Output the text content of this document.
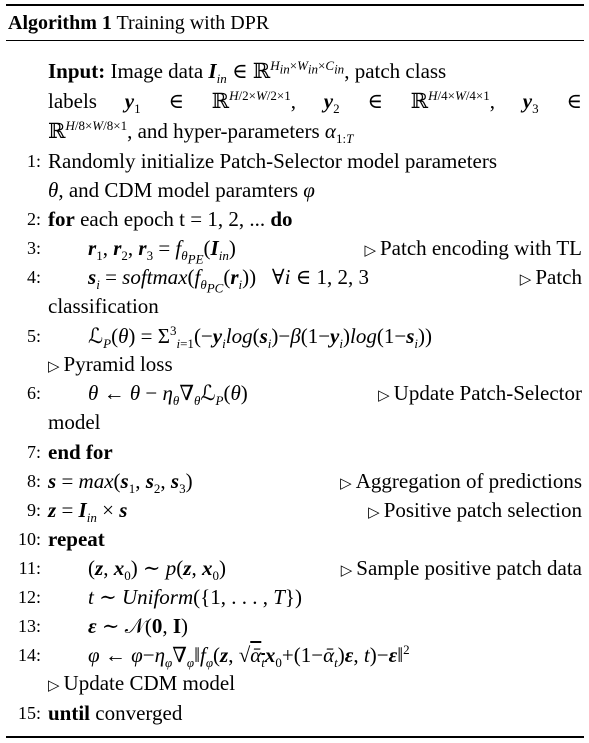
Algorithm 1 Training with DPR
Input: Image data $I_{in}$ ∈ ℝ$^{H_{in}\times W_{in}\times C_{in}}$, patch class
labels $y_1$ ∈ ℝ$^{H/2\times W/2\times 1}$, $y_2$ ∈ ℝ$^{H/4\times W/4\times 1}$, $y_3$ ∈
ℝ$^{H/8\times W/8\times 1}$, and hyper-parameters $\alpha_{1:T}$
1: Randomly initialize Patch-Selector model parameters
θ, and CDM model paramters φ
2: for each epoch t = 1, 2, ... do
3: $r_1$, $r_2$, $r_3 = f_{\theta_{PE}}(I_{in})$	▷ Patch encoding with TL
4: $s_i$ = $softmax(f_{\theta_{PC}}(r_i))$   ∀i ∈ 1, 2, 3	▷ Patch
classification
5: ℒ$_P$(θ) = $\Sigma^3_{i=1}(-y_i\log(s_i)-\beta(1-y_i)\log(1-s_i))$
▷ Pyramid loss
6: θ ← $\theta - \eta_\theta\nabla_\theta ℒ_P(\theta)$	▷ Update Patch-Selector
model
7: end for
8: $s = \max(s_1$, $s_2$, $s_3$)	▷ Aggregation of predictions
9: $z = I_{in} \times s$	▷ Positive patch selection
10: repeat
11: (z, $x_0$) ∼ p(z, $x_0$)	▷ Sample positive patch data
12: t ∼ Uniform({1, . . . , T})
13: ε ∼ 𝒩(0, I)
14: φ ← $\varphi-\eta_\varphi\nabla_\varphi‖f_\varphi(z$, $√ᾱ_tx_0+(1-ᾱ_t)\varepsilon$, t)−ε‖$^2$
▷ Update CDM model
15: until converged
